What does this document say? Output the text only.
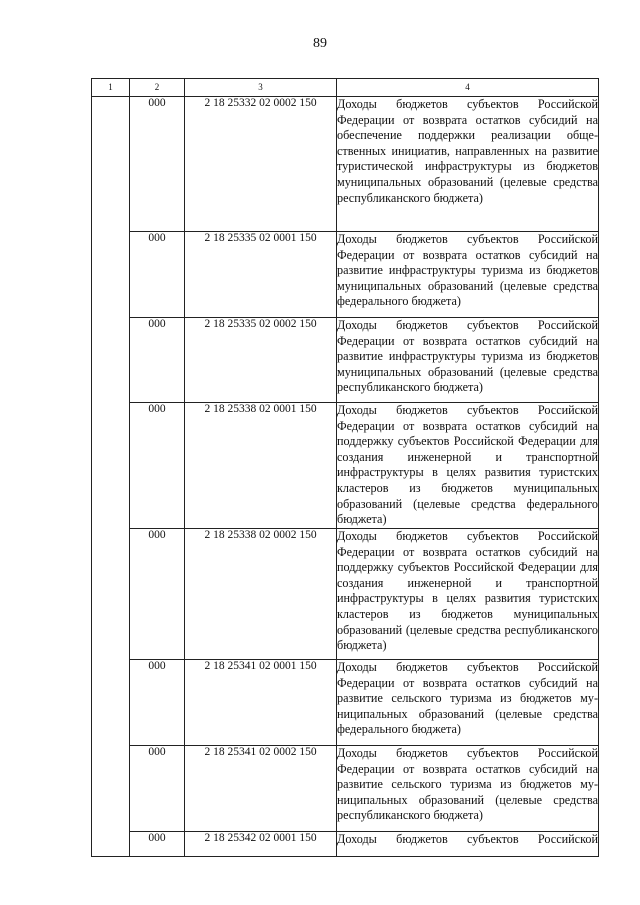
89
1	2	3	4
	000	2 18 25332 02 0002 150	Доходы бюджетов субъектов Российской Федерации от возврата остатков субсидий на обеспечение поддержки реализации общественных инициатив, направленных на развитие туристической инфраструктуры из бюджетов муниципальных образований (целевые средства республиканского бюджета)
	000	2 18 25335 02 0001 150	Доходы бюджетов субъектов Российской Федерации от возврата остатков субсидий на развитие инфраструктуры туризма из бюджетов муниципальных образований (целевые средства федерального бюджета)
	000	2 18 25335 02 0002 150	Доходы бюджетов субъектов Российской Федерации от возврата остатков субсидий на развитие инфраструктуры туризма из бюджетов муниципальных образований (целевые средства республиканского бюджета)
	000	2 18 25338 02 0001 150	Доходы бюджетов субъектов Российской Федерации от возврата остатков субсидий на поддержку субъектов Российской Федерации для создания инженерной и транспортной инфраструктуры в целях развития туристских кластеров из бюджетов муниципальных образований (целевые средства федерального бюджета)
	000	2 18 25338 02 0002 150	Доходы бюджетов субъектов Российской Федерации от возврата остатков субсидий на поддержку субъектов Российской Федерации для создания инженерной и транспортной инфраструктуры в целях развития туристских кластеров из бюджетов муниципальных образований (целевые средства республиканского бюджета)
	000	2 18 25341 02 0001 150	Доходы бюджетов субъектов Российской Федерации от возврата остатков субсидий на развитие сельского туризма из бюджетов муниципальных образований (целевые средства федерального бюджета)
	000	2 18 25341 02 0002 150	Доходы бюджетов субъектов Российской Федерации от возврата остатков субсидий на развитие сельского туризма из бюджетов муниципальных образований (целевые средства республиканского бюджета)
	000	2 18 25342 02 0001 150	Доходы бюджетов субъектов Российской
